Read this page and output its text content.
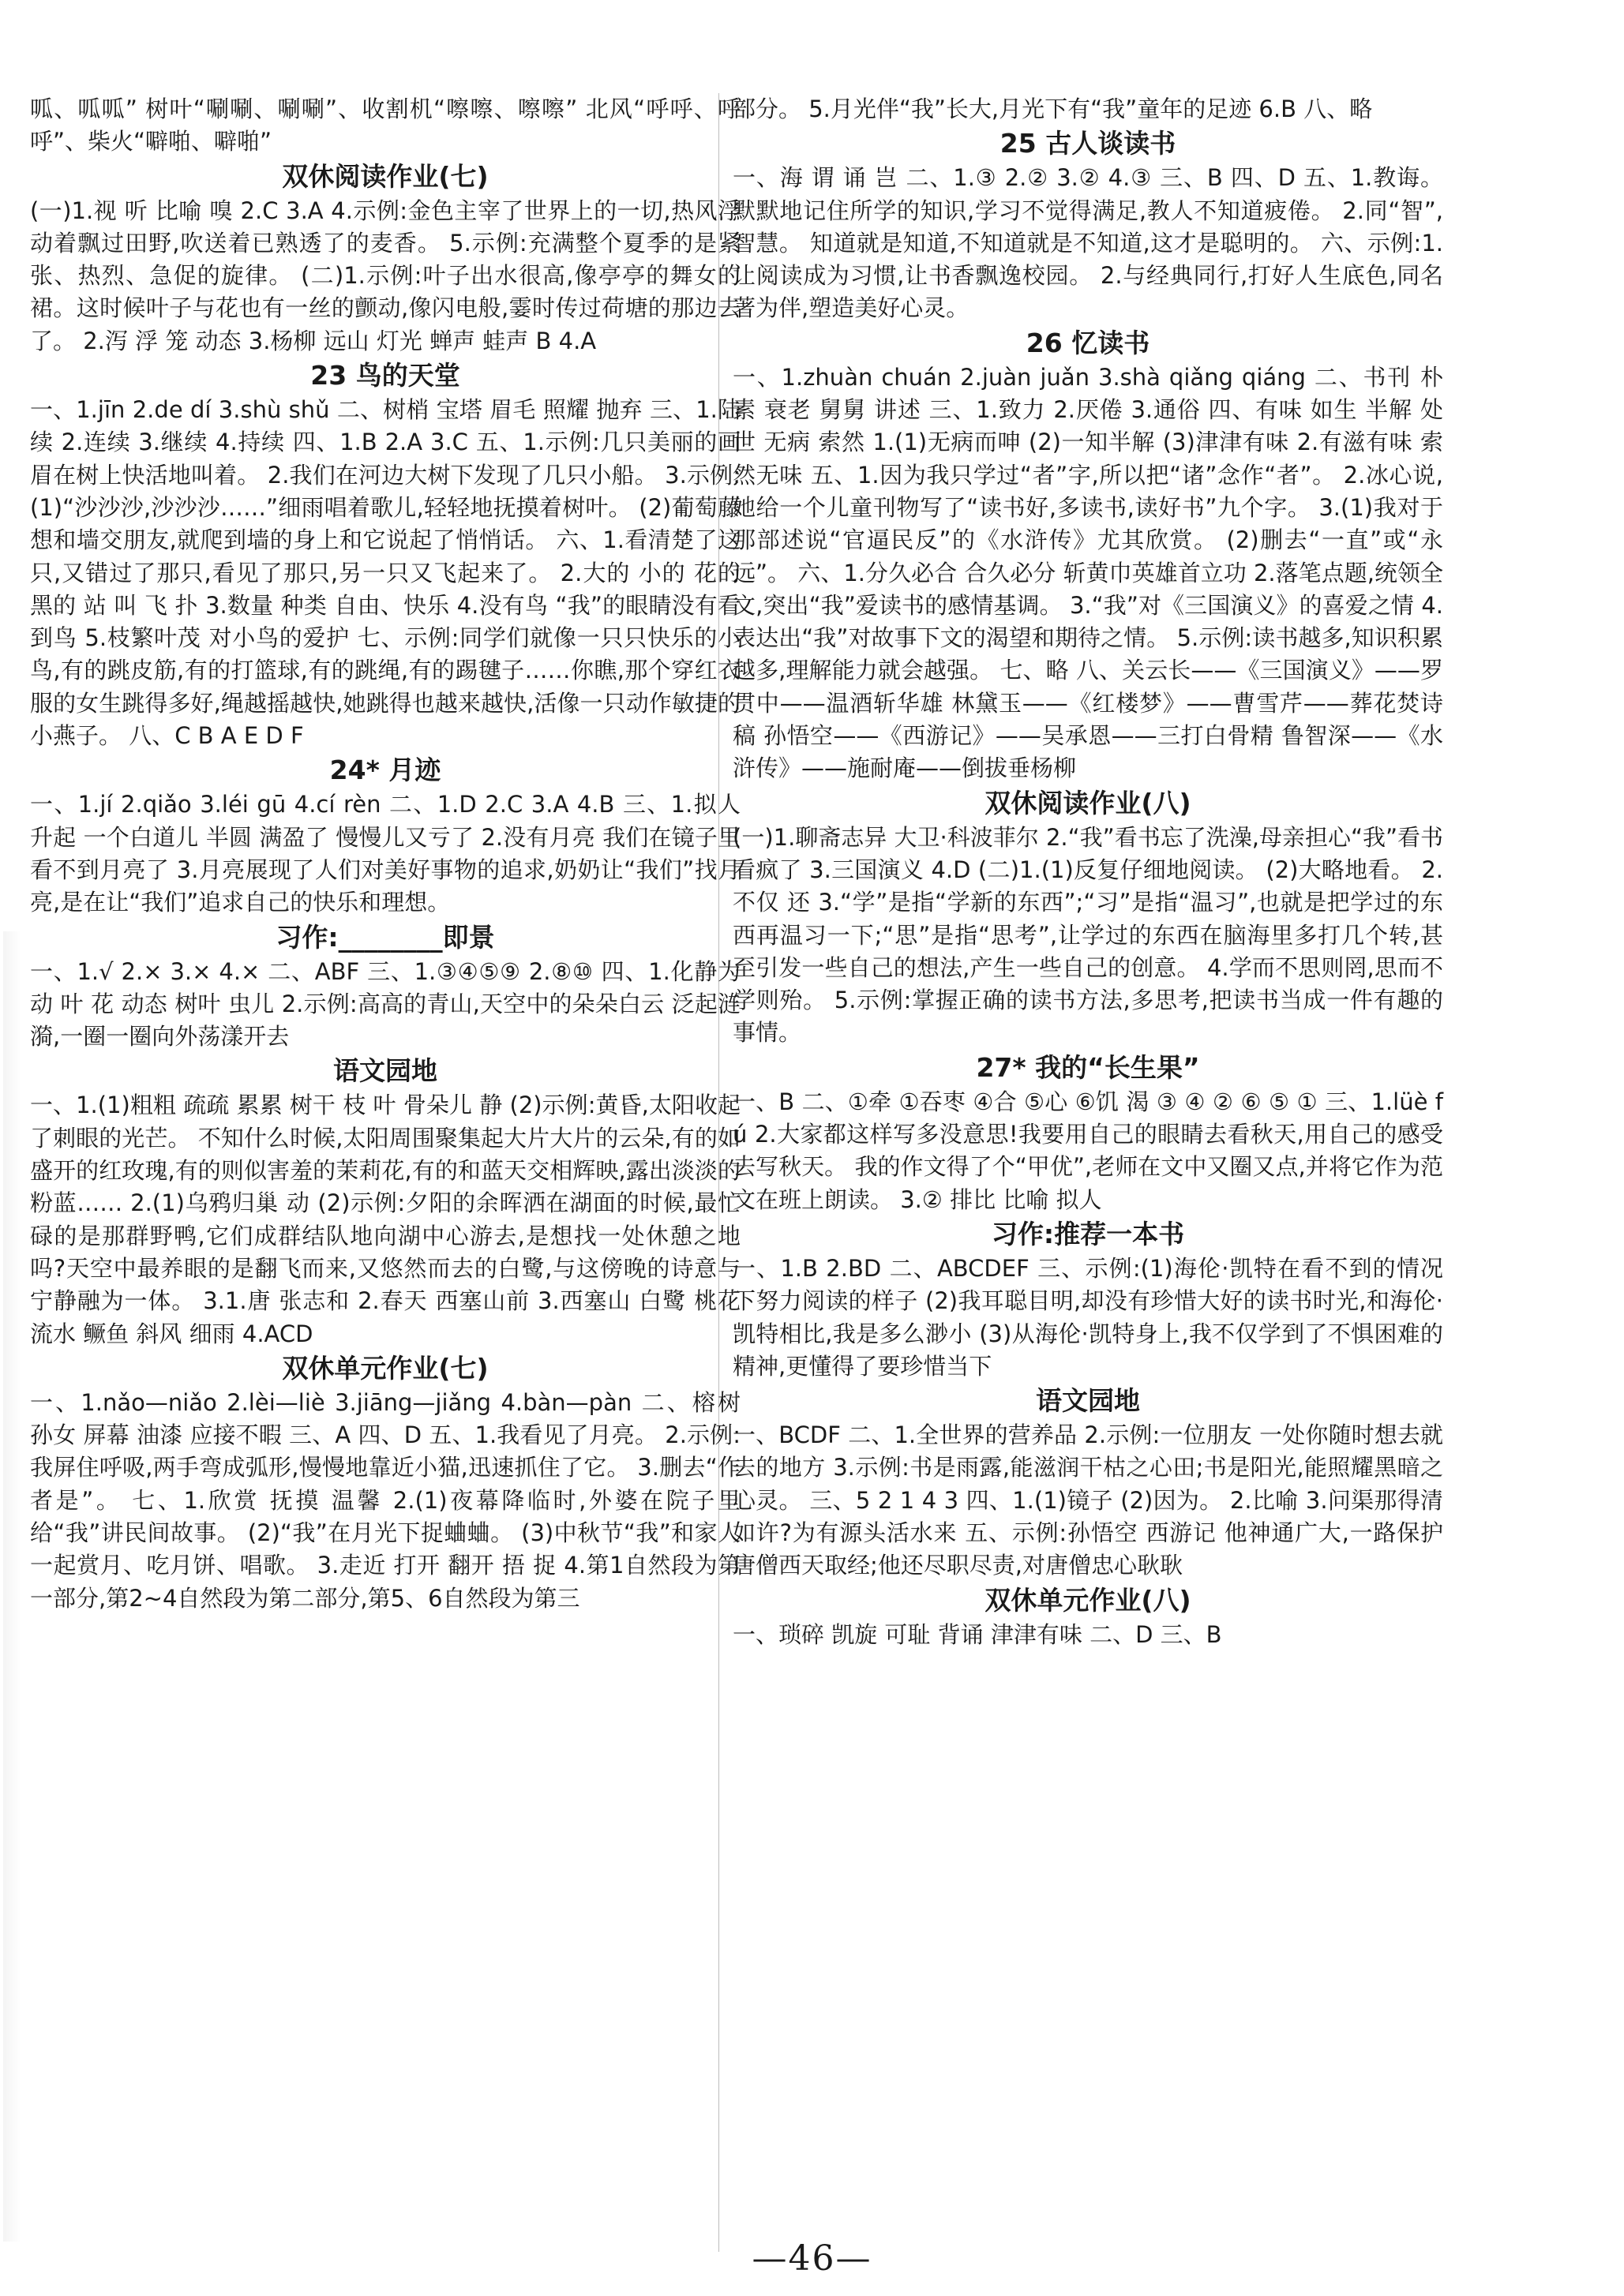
呱、呱呱” 树叶“唰唰、唰唰”、收割机“嚓嚓、嚓嚓” 北风“呼呼、呼呼”、柴火“噼啪、噼啪”

双休阅读作业(七)

(一)1.视 听 比喻 嗅 2.C 3.A 4.示例:金色主宰了世界上的一切,热风浮动着飘过田野,吹送着已熟透了的麦香。 5.示例:充满整个夏季的是紧张、热烈、急促的旋律。 (二)1.示例:叶子出水很高,像亭亭的舞女的裙。这时候叶子与花也有一丝的颤动,像闪电般,霎时传过荷塘的那边去了。 2.泻 浮 笼 动态 3.杨柳 远山 灯光 蝉声 蛙声 B 4.A

23 鸟的天堂

一、1.jīn 2.de dí 3.shù shǔ 二、树梢 宝塔 眉毛 照耀 抛弃 三、1.陆续 2.连续 3.继续 4.持续 四、1.B 2.A 3.C 五、1.示例:几只美丽的画眉在树上快活地叫着。 2.我们在河边大树下发现了几只小船。 3.示例:(1)“沙沙沙,沙沙沙……”细雨唱着歌儿,轻轻地抚摸着树叶。 (2)葡萄藤想和墙交朋友,就爬到墙的身上和它说起了悄悄话。 六、1.看清楚了这只,又错过了那只,看见了那只,另一只又飞起来了。 2.大的 小的 花的 黑的 站 叫 飞 扑 3.数量 种类 自由、快乐 4.没有鸟 “我”的眼睛没有看到鸟 5.枝繁叶茂 对小鸟的爱护 七、示例:同学们就像一只只快乐的小鸟,有的跳皮筋,有的打篮球,有的跳绳,有的踢毽子……你瞧,那个穿红衣服的女生跳得多好,绳越摇越快,她跳得也越来越快,活像一只动作敏捷的小燕子。 八、C B A E D F

24* 月迹

一、1.jí 2.qiǎo 3.léi gū 4.cí rèn 二、1.D 2.C 3.A 4.B 三、1.拟人 升起 一个白道儿 半圆 满盈了 慢慢儿又亏了 2.没有月亮 我们在镜子里看不到月亮了 3.月亮展现了人们对美好事物的追求,奶奶让“我们”找月亮,是在让“我们”追求自己的快乐和理想。

习作:________即景

一、1.√ 2.× 3.× 4.× 二、ABF 三、1.③④⑤⑨ 2.⑧⑩ 四、1.化静为动 叶 花 动态 树叶 虫儿 2.示例:高高的青山,天空中的朵朵白云 泛起涟漪,一圈一圈向外荡漾开去

语文园地

一、1.(1)粗粗 疏疏 累累 树干 枝 叶 骨朵儿 静 (2)示例:黄昏,太阳收起了刺眼的光芒。 不知什么时候,太阳周围聚集起大片大片的云朵,有的如盛开的红玫瑰,有的则似害羞的茉莉花,有的和蓝天交相辉映,露出淡淡的粉蓝…… 2.(1)乌鸦归巢 动 (2)示例:夕阳的余晖洒在湖面的时候,最忙碌的是那群野鸭,它们成群结队地向湖中心游去,是想找一处休憩之地吗?天空中最养眼的是翻飞而来,又悠然而去的白鹭,与这傍晚的诗意与宁静融为一体。 3.1.唐 张志和 2.春天 西塞山前 3.西塞山 白鹭 桃花 流水 鳜鱼 斜风 细雨 4.ACD

双休单元作业(七)

一、1.nǎo—niǎo 2.lèi—liè 3.jiāng—jiǎng 4.bàn—pàn 二、榕树 孙女 屏幕 油漆 应接不暇 三、A 四、D 五、1.我看见了月亮。 2.示例:我屏住呼吸,两手弯成弧形,慢慢地靠近小猫,迅速抓住了它。 3.删去“作者是”。 七、1.欣赏 抚摸 温馨 2.(1)夜幕降临时,外婆在院子里给“我”讲民间故事。 (2)“我”在月光下捉蛐蛐。 (3)中秋节“我”和家人一起赏月、吃月饼、唱歌。 3.走近 打开 翻开 捂 捉 4.第1自然段为第一部分,第2~4自然段为第二部分,第5、6自然段为第三

部分。 5.月光伴“我”长大,月光下有“我”童年的足迹 6.B 八、略

25 古人谈读书

一、海 谓 诵 岂 二、1.③ 2.② 3.② 4.③ 三、B 四、D 五、1.教诲。 默默地记住所学的知识,学习不觉得满足,教人不知道疲倦。 2.同“智”,智慧。 知道就是知道,不知道就是不知道,这才是聪明的。 六、示例:1.让阅读成为习惯,让书香飘逸校园。 2.与经典同行,打好人生底色,同名著为伴,塑造美好心灵。

26 忆读书

一、1.zhuàn chuán 2.juàn juǎn 3.shà qiǎng qiáng 二、书刊 朴素 衰老 舅舅 讲述 三、1.致力 2.厌倦 3.通俗 四、有味 如生 半解 处世 无病 索然 1.(1)无病而呻 (2)一知半解 (3)津津有味 2.有滋有味 索然无味 五、1.因为我只学过“者”字,所以把“诸”念作“者”。 2.冰心说,她给一个儿童刊物写了“读书好,多读书,读好书”九个字。 3.(1)我对于那部述说“官逼民反”的《水浒传》尤其欣赏。 (2)删去“一直”或“永远”。 六、1.分久必合 合久必分 斩黄巾英雄首立功 2.落笔点题,统领全文,突出“我”爱读书的感情基调。 3.“我”对《三国演义》的喜爱之情 4.表达出“我”对故事下文的渴望和期待之情。 5.示例:读书越多,知识积累越多,理解能力就会越强。 七、略 八、关云长——《三国演义》——罗贯中——温酒斩华雄 林黛玉——《红楼梦》——曹雪芹——葬花焚诗稿 孙悟空——《西游记》——吴承恩——三打白骨精 鲁智深——《水浒传》——施耐庵——倒拔垂杨柳

双休阅读作业(八)

(一)1.聊斋志异 大卫·科波菲尔 2.“我”看书忘了洗澡,母亲担心“我”看书看疯了 3.三国演义 4.D (二)1.(1)反复仔细地阅读。 (2)大略地看。 2.不仅 还 3.“学”是指“学新的东西”;“习”是指“温习”,也就是把学过的东西再温习一下;“思”是指“思考”,让学过的东西在脑海里多打几个转,甚至引发一些自己的想法,产生一些自己的创意。 4.学而不思则罔,思而不学则殆。 5.示例:掌握正确的读书方法,多思考,把读书当成一件有趣的事情。

27* 我的“长生果”

一、B 二、①牵 ①吞枣 ④合 ⑤心 ⑥饥 渴 ③ ④ ② ⑥ ⑤ ① 三、1.lüè fú 2.大家都这样写多没意思!我要用自己的眼睛去看秋天,用自己的感受去写秋天。 我的作文得了个“甲优”,老师在文中又圈又点,并将它作为范文在班上朗读。 3.② 排比 比喻 拟人

习作:推荐一本书

一、1.B 2.BD 二、ABCDEF 三、示例:(1)海伦·凯特在看不到的情况下努力阅读的样子 (2)我耳聪目明,却没有珍惜大好的读书时光,和海伦·凯特相比,我是多么渺小 (3)从海伦·凯特身上,我不仅学到了不惧困难的精神,更懂得了要珍惜当下

语文园地

一、BCDF 二、1.全世界的营养品 2.示例:一位朋友 一处你随时想去就去的地方 3.示例:书是雨露,能滋润干枯之心田;书是阳光,能照耀黑暗之心灵。 三、5 2 1 4 3 四、1.(1)镜子 (2)因为。 2.比喻 3.问渠那得清如许?为有源头活水来 五、示例:孙悟空 西游记 他神通广大,一路保护唐僧西天取经;他还尽职尽责,对唐僧忠心耿耿

双休单元作业(八)

一、琐碎 凯旋 可耻 背诵 津津有味 二、D 三、B

—46—
